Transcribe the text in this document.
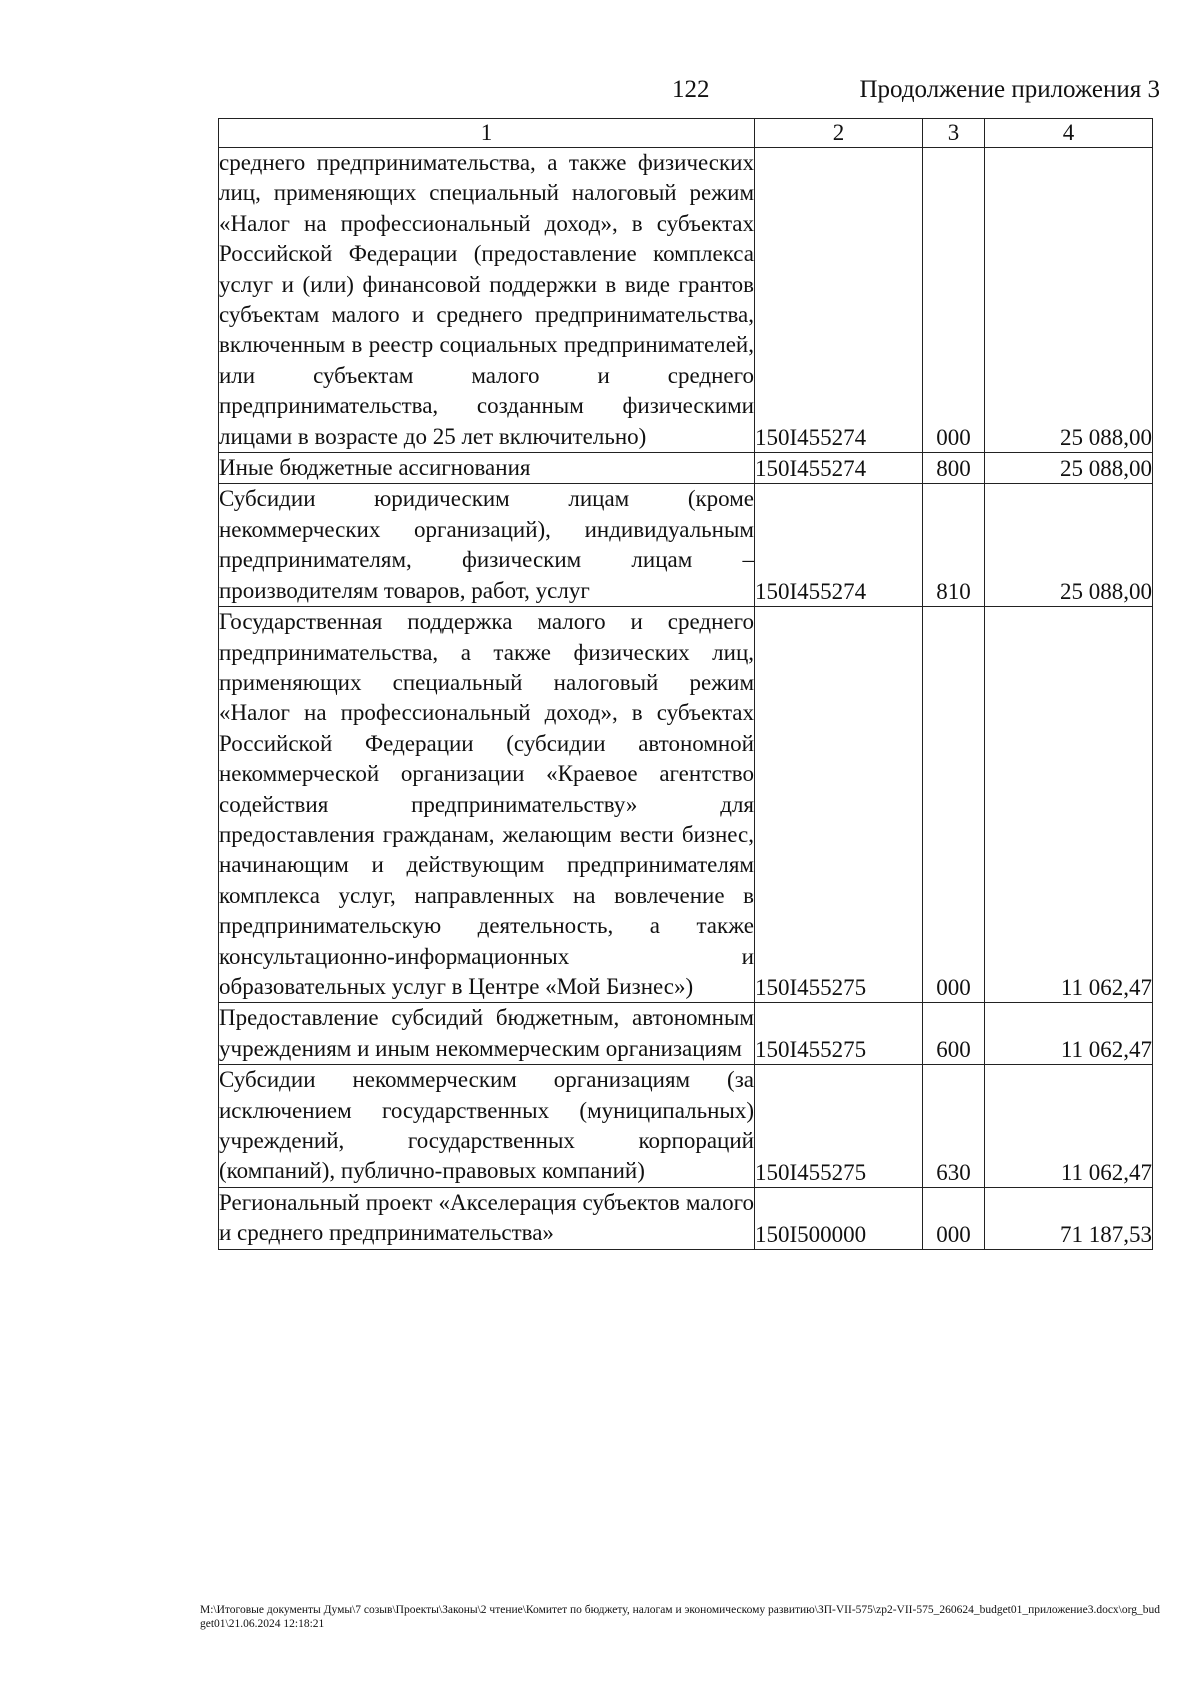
122	Продолжение приложения 3
1	2	3	4
среднего предпринимательства, а также физических лиц, применяющих специальный налоговый режим «Налог на профессиональный доход», в субъектах Российской Федерации (предоставление комплекса услуг и (или) финансовой поддержки в виде грантов субъектам малого и среднего предпринимательства, включенным в реестр социальных предпринимателей, или субъектам малого и среднего предпринимательства, созданным физическими лицами в возрасте до 25 лет включительно)	150I455274	000	25 088,00
Иные бюджетные ассигнования	150I455274	800	25 088,00
Субсидии юридическим лицам (кроме некоммерческих организаций), индивидуальным предпринимателям, физическим лицам – производителям товаров, работ, услуг	150I455274	810	25 088,00
Государственная поддержка малого и среднего предпринимательства, а также физических лиц, применяющих специальный налоговый режим «Налог на профессиональный доход», в субъектах Российской Федерации (субсидии автономной некоммерческой организации «Краевое агентство содействия предпринимательству» для предоставления гражданам, желающим вести бизнес, начинающим и действующим предпринимателям комплекса услуг, направленных на вовлечение в предпринимательскую деятельность, а также консультационно-информационных и образовательных услуг в Центре «Мой Бизнес»)	150I455275	000	11 062,47
Предоставление субсидий бюджетным, автономным учреждениям и иным некоммерческим организациям	150I455275	600	11 062,47
Субсидии некоммерческим организациям (за исключением государственных (муниципальных) учреждений, государственных корпораций (компаний), публично-правовых компаний)	150I455275	630	11 062,47
Региональный проект «Акселерация субъектов малого и среднего предпринимательства»	150I500000	000	71 187,53
M:\Итоговые документы Думы\7 созыв\Проекты\Законы\2 чтение\Комитет по бюджету, налогам и экономическому развитию\ЗП-VII-575\zp2-VII-575_260624_budget01_приложение3.docx\org_budget01\21.06.2024 12:18:21
